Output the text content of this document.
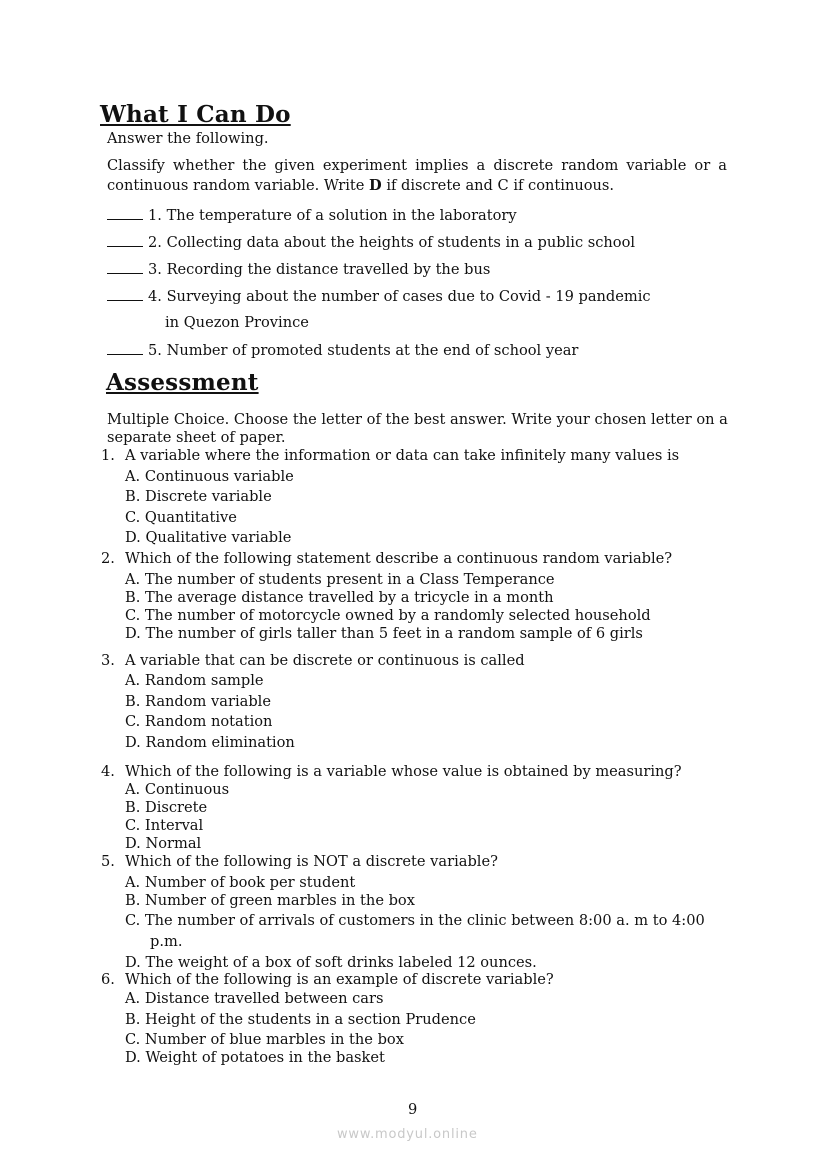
What I Can Do
Answer the following.
Classify whether the given experiment implies a discrete random variable or a continuous random variable. Write D if discrete and C if continuous.
1. The temperature of a solution in the laboratory
2. Collecting data about the heights of students in a public school
3. Recording the distance travelled by the bus
4. Surveying about the number of cases due to Covid - 19 pandemic
in Quezon Province
5. Number of promoted students at the end of school year
Assessment
Multiple Choice. Choose the letter of the best answer. Write your chosen letter on a
separate sheet of paper.
1. A variable where the information or data can take infinitely many values is
A. Continuous variable
B. Discrete variable
C. Quantitative
D. Qualitative variable
2. Which of the following statement describe a continuous random variable?
A. The number of students present in a Class Temperance
B. The average distance travelled by a tricycle in a month
C. The number of motorcycle owned by a randomly selected household
D. The number of girls taller than 5 feet in a random sample of 6 girls
3. A variable that can be discrete or continuous is called
A. Random sample
B. Random variable
C. Random notation
D. Random elimination
4. Which of the following is a variable whose value is obtained by measuring?
A. Continuous
B. Discrete
C. Interval
D. Normal
5. Which of the following is NOT a discrete variable?
A. Number of book per student
B. Number of green marbles in the box
C. The number of arrivals of customers in the clinic between 8:00 a. m to 4:00
p.m.
D. The weight of a box of soft drinks labeled 12 ounces.
6. Which of the following is an example of discrete variable?
A. Distance travelled between cars
B. Height of the students in a section Prudence
C. Number of blue marbles in the box
D. Weight of potatoes in the basket
9
www.modyul.online
